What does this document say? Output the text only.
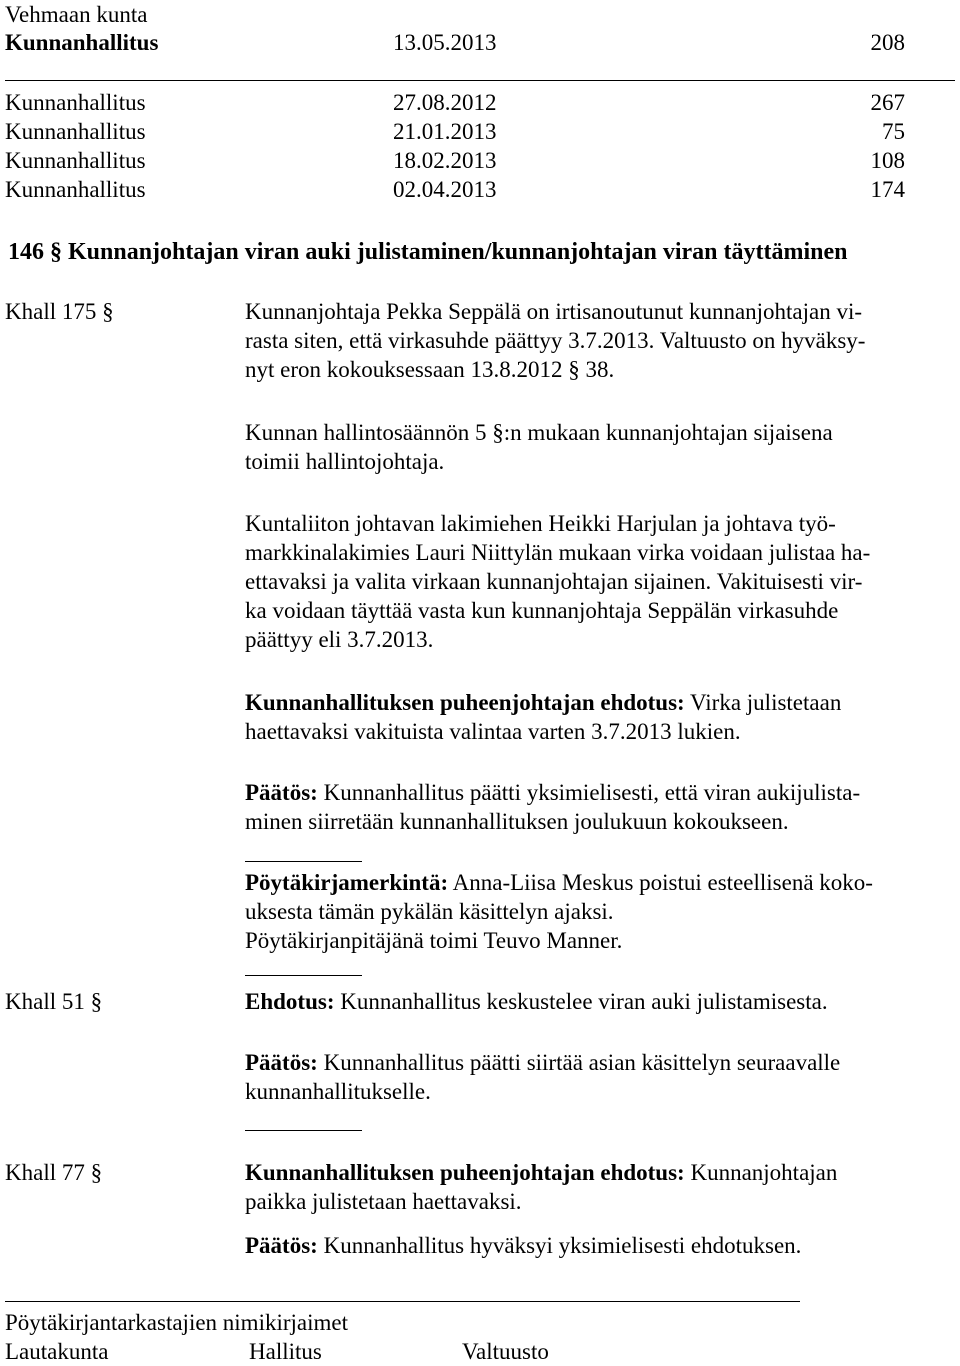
Vehmaan kunta
Kunnanhallitus	13.05.2013	208
Kunnanhallitus	27.08.2012	267
Kunnanhallitus	21.01.2013	75
Kunnanhallitus	18.02.2013	108
Kunnanhallitus	02.04.2013	174
146 § Kunnanjohtajan viran auki julistaminen/kunnanjohtajan viran täyttäminen
Khall 175 §	Kunnanjohtaja Pekka Seppälä on irtisanoutunut kunnanjohtajan vi-
rasta siten, että virkasuhde päättyy 3.7.2013. Valtuusto on hyväksy-
nyt eron kokouksessaan 13.8.2012 § 38.
Kunnan hallintosäännön 5 §:n mukaan kunnanjohtajan sijaisena
toimii hallintojohtaja.
Kuntaliiton johtavan lakimiehen Heikki Harjulan ja johtava työ-
markkinalakimies Lauri Niittylän mukaan virka voidaan julistaa ha-
ettavaksi ja valita virkaan kunnanjohtajan sijainen. Vakituisesti vir-
ka voidaan täyttää vasta kun kunnanjohtaja Seppälän virkasuhde
päättyy eli 3.7.2013.
Kunnanhallituksen puheenjohtajan ehdotus: Virka julistetaan
haettavaksi vakituista valintaa varten 3.7.2013 lukien.
Päätös: Kunnanhallitus päätti yksimielisesti, että viran aukijulista-
minen siirretään kunnanhallituksen joulukuun kokoukseen.
Pöytäkirjamerkintä: Anna-Liisa Meskus poistui esteellisenä koko-
uksesta tämän pykälän käsittelyn ajaksi.
Pöytäkirjanpitäjänä toimi Teuvo Manner.
Khall 51 §	Ehdotus: Kunnanhallitus keskustelee viran auki julistamisesta.
Päätös: Kunnanhallitus päätti siirtää asian käsittelyn seuraavalle
kunnanhallitukselle.
Khall 77 §	Kunnanhallituksen puheenjohtajan ehdotus: Kunnanjohtajan
paikka julistetaan haettavaksi.
Päätös: Kunnanhallitus hyväksyi yksimielisesti ehdotuksen.
Pöytäkirjantarkastajien nimikirjaimet
Lautakunta	Hallitus	Valtuusto
